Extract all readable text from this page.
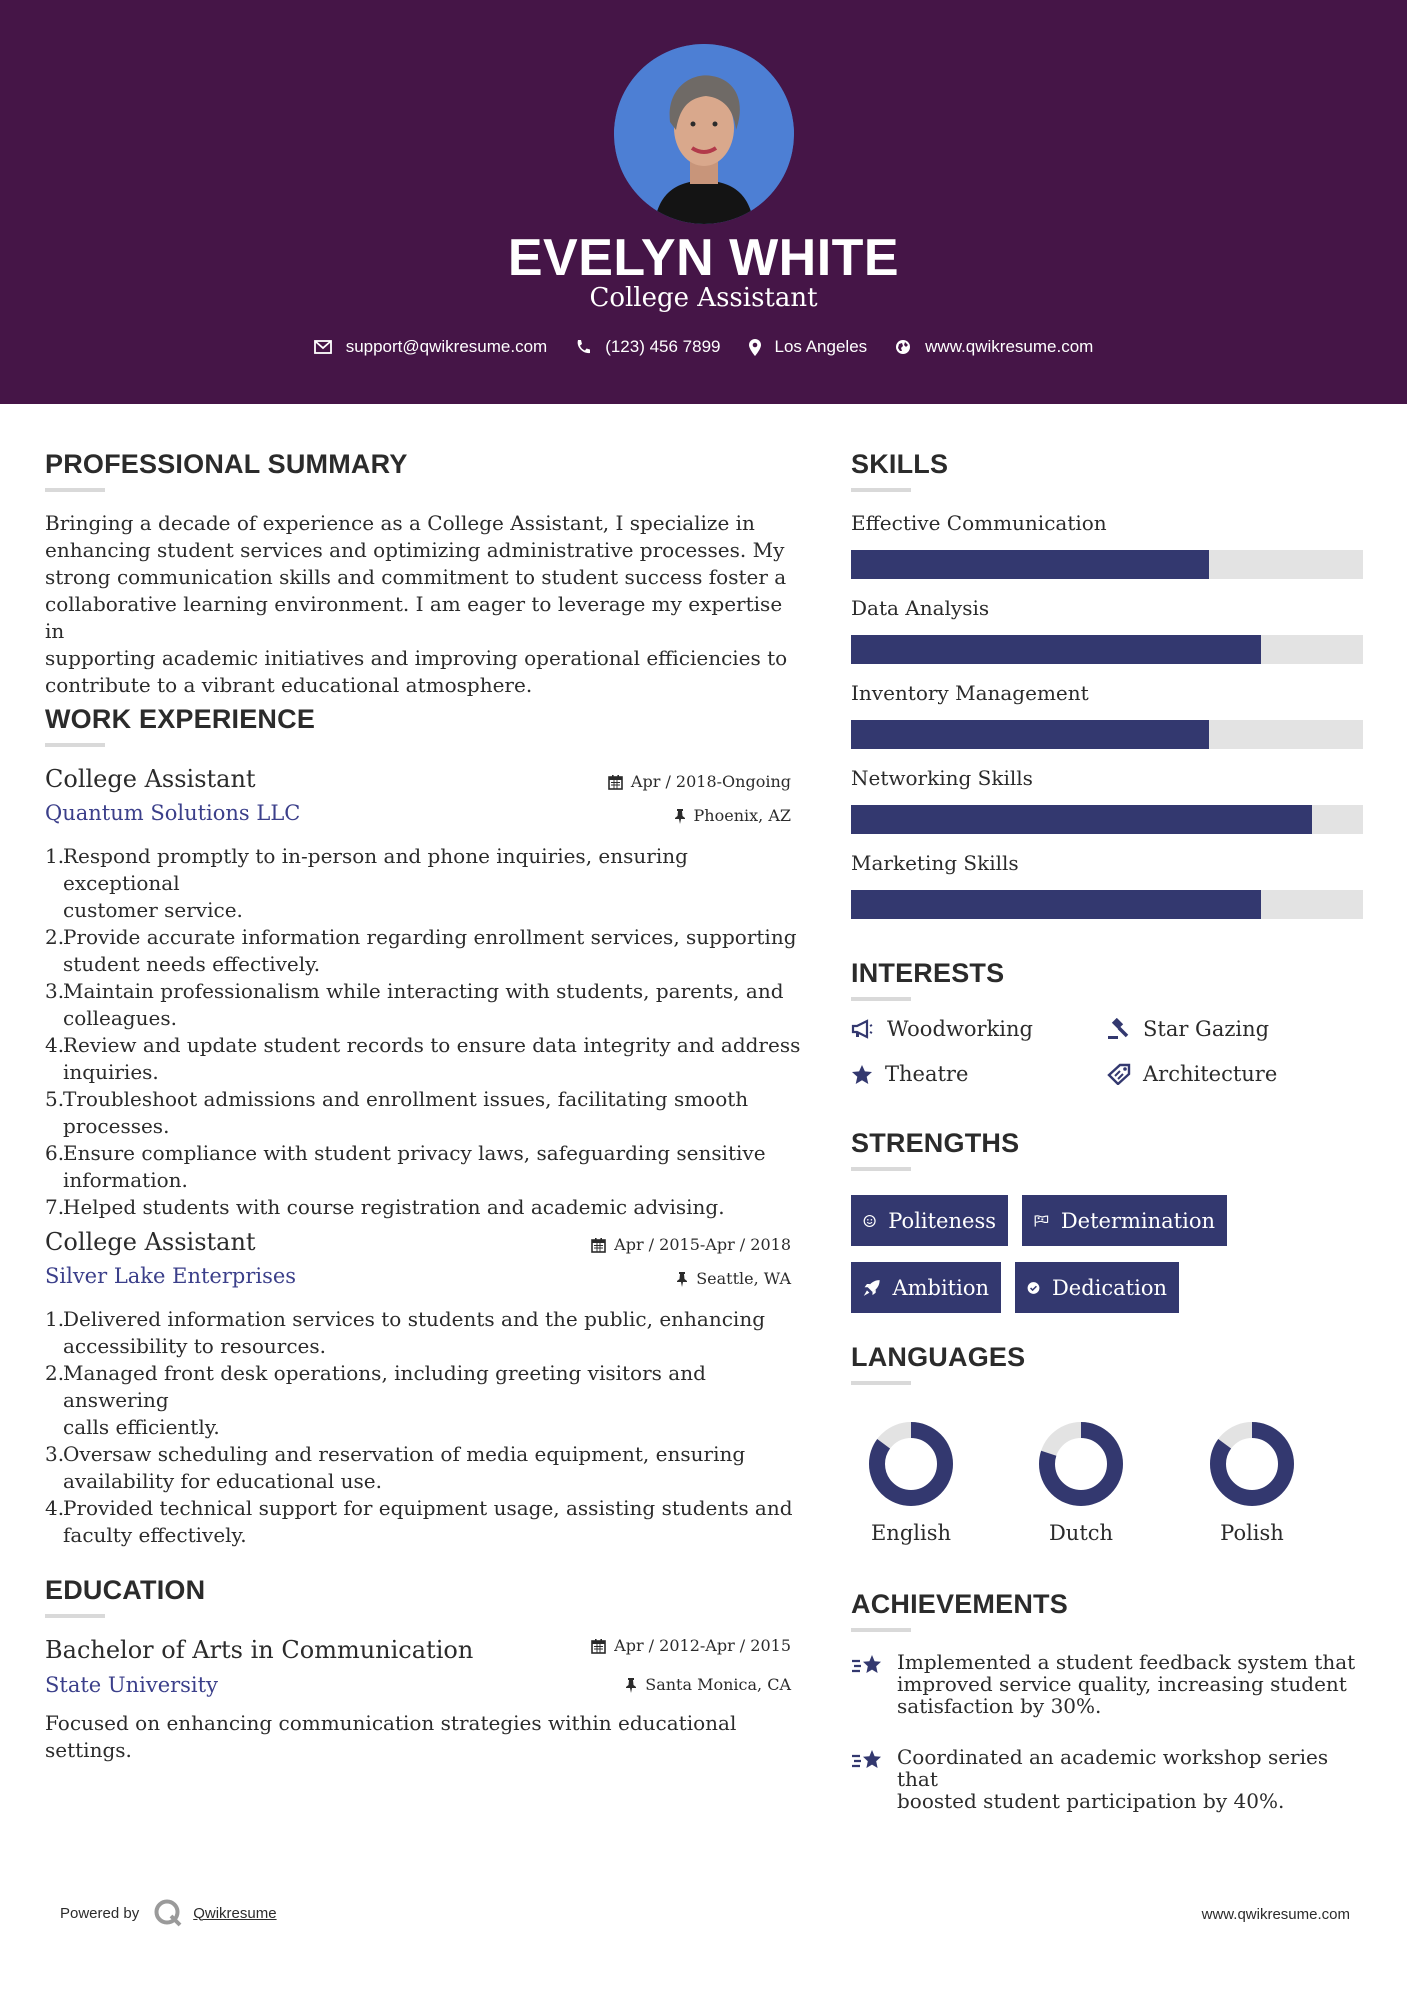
EVELYN WHITE
College Assistant
support@qwikresume.com	(123) 456 7899	Los Angeles	www.qwikresume.com
PROFESSIONAL SUMMARY
Bringing a decade of experience as a College Assistant, I specialize in
enhancing student services and optimizing administrative processes. My
strong communication skills and commitment to student success foster a
collaborative learning environment. I am eager to leverage my expertise in
supporting academic initiatives and improving operational efficiencies to
contribute to a vibrant educational atmosphere.
WORK EXPERIENCE
College Assistant
Quantum Solutions LLC
Apr / 2018-Ongoing
Phoenix, AZ
1.
Respond promptly to in-person and phone inquiries, ensuring exceptional
customer service.
2.
Provide accurate information regarding enrollment services, supporting
student needs effectively.
3.
Maintain professionalism while interacting with students, parents, and
colleagues.
4.
Review and update student records to ensure data integrity and address
inquiries.
5.
Troubleshoot admissions and enrollment issues, facilitating smooth
processes.
6.
Ensure compliance with student privacy laws, safeguarding sensitive
information.
7.
Helped students with course registration and academic advising.
College Assistant
Silver Lake Enterprises
Apr / 2015-Apr / 2018
Seattle, WA
1.
Delivered information services to students and the public, enhancing
accessibility to resources.
2.
Managed front desk operations, including greeting visitors and answering
calls efficiently.
3.
Oversaw scheduling and reservation of media equipment, ensuring
availability for educational use.
4.
Provided technical support for equipment usage, assisting students and
faculty effectively.
EDUCATION
Bachelor of Arts in Communication
State University
Apr / 2012-Apr / 2015
Santa Monica, CA
Focused on enhancing communication strategies within educational
settings.
SKILLS
Effective Communication
Data Analysis
Inventory Management
Networking Skills
Marketing Skills
INTERESTS
Woodworking	Star Gazing
Theatre	Architecture
STRENGTHS
Politeness	Determination
Ambition	Dedication
LANGUAGES
English	Dutch	Polish
ACHIEVEMENTS
Implemented a student feedback system that
improved service quality, increasing student
satisfaction by 30%.
Coordinated an academic workshop series that
boosted student participation by 40%.
Powered by	Qwikresume	www.qwikresume.com
